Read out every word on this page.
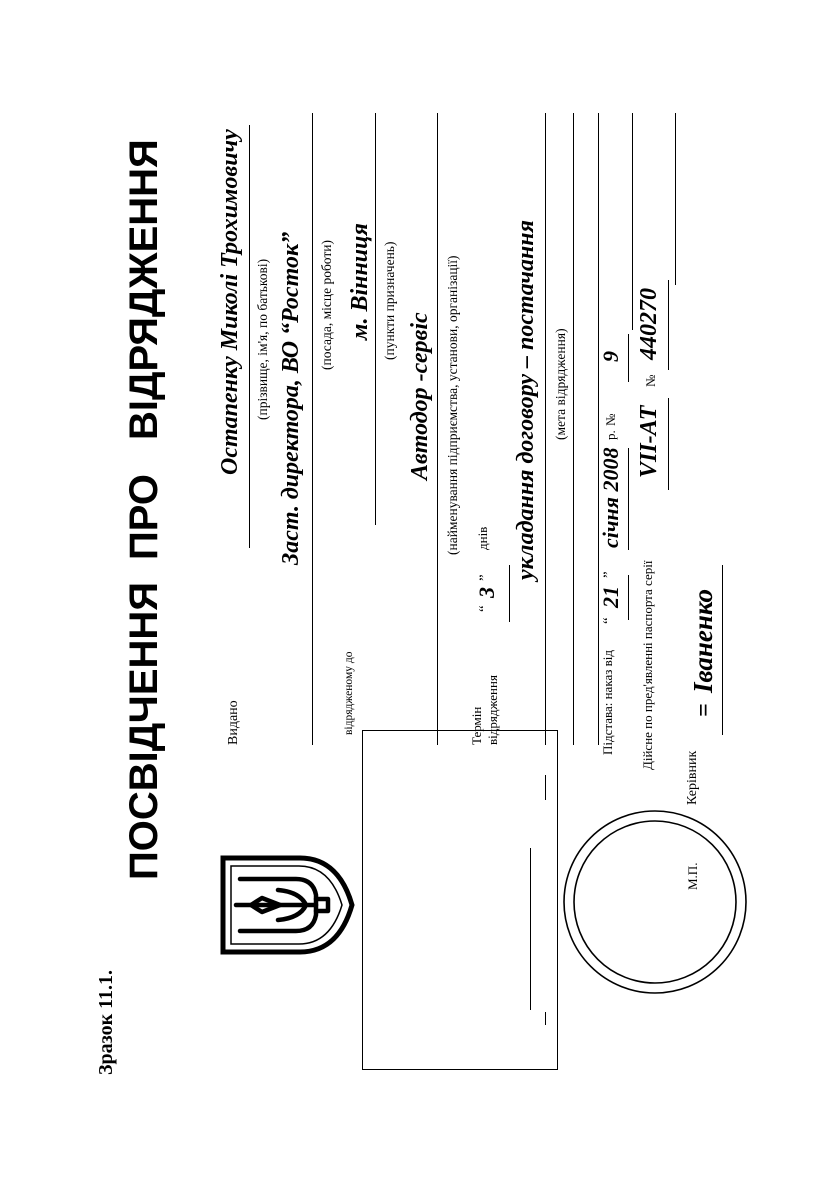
Зразок 11.1.
ПОСВІДЧЕННЯ
ПРО
ВІДРЯДЖЕННЯ
Видано
Остапенку Миколі Трохимовичу (прізвище, ім'я, по батькові) Заст. директора, ВО “Росток” (посада, місце роботи)
відрядженому до
м. Вінниця (пункти призначень)
Автодор -сервіс (найменування підприємства, установи, організації)
Термін відрядження
“
3
”
днів укладання договору – постачання (мета відрядження)
Підстава: наказ від
“
21
”
січня 2008
р.
№
9
Дійсне по пред'явленні паспорта серії
VІІ-АТ
№
440270
Керівник
=
Іваненко
М.П.
